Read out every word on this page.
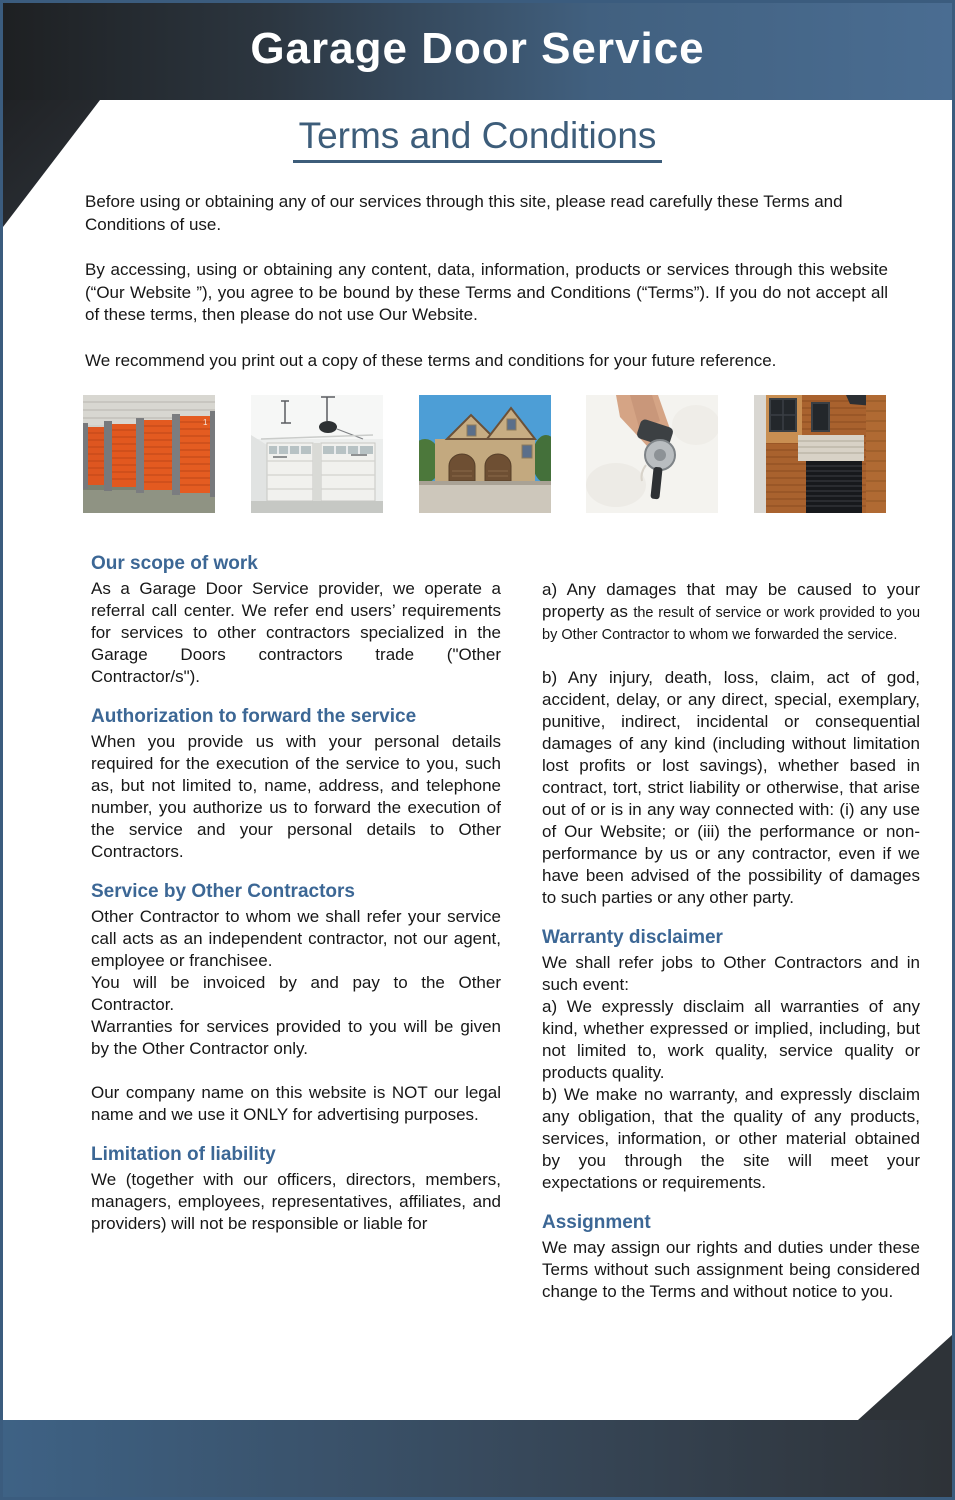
Garage Door Service
Terms and Conditions

Before using or obtaining any of our services through this site, please read carefully these Terms and Conditions of use.

By accessing, using or obtaining any content, data, information, products or services through this website (“Our Website ”), you agree to be bound by these Terms and Conditions (“Terms”). If you do not accept all of these terms, then please do not use Our Website.

We recommend you print out a copy of these terms and conditions for your future reference.

1
Our scope of work

As a Garage Door Service provider, we operate a referral call center. We refer end users’ requirements for services to other contractors specialized in the Garage Doors contractors trade ("Other Contractor/s").

Authorization to forward the service

When you provide us with your personal details required for the execution of the service to you, such as, but not limited to, name, address, and telephone number, you authorize us to forward the execution of the service and your personal details to Other Contractors.

Service by Other Contractors

Other Contractor to whom we shall refer your service call acts as an independent contractor, not our agent, employee or franchisee.

You will be invoiced by and pay to the Other Contractor.

Warranties for services provided to you will be given by the Other Contractor only.

Our company name on this website is NOT our legal name and we use it ONLY for advertising purposes.

Limitation of liability

We (together with our officers, directors, members, managers, employees, representatives, affiliates, and providers) will not be responsible or liable for

a) Any damages that may be caused to your property as the result of service or work provided to you by Other Contractor to whom we forwarded the service.

b) Any injury, death, loss, claim, act of god, accident, delay, or any direct, special, exemplary, punitive, indirect, incidental or consequential damages of any kind (including without limitation lost profits or lost savings), whether based in contract, tort, strict liability or otherwise, that arise out of or is in any way connected with: (i) any use of Our Website; or (iii) the performance or non-performance by us or any contractor, even if we have been advised of the possibility of damages to such parties or any other party.

Warranty disclaimer

We shall refer jobs to Other Contractors and in such event:

a) We expressly disclaim all warranties of any kind, whether expressed or implied, including, but not limited to, work quality, service quality or products quality.

b) We make no warranty, and expressly disclaim any obligation, that the quality of any products, services, information, or other material obtained by you through the site will meet your expectations or requirements.

Assignment

We may assign our rights and duties under these Terms without such assignment being considered change to the Terms and without notice to you.
